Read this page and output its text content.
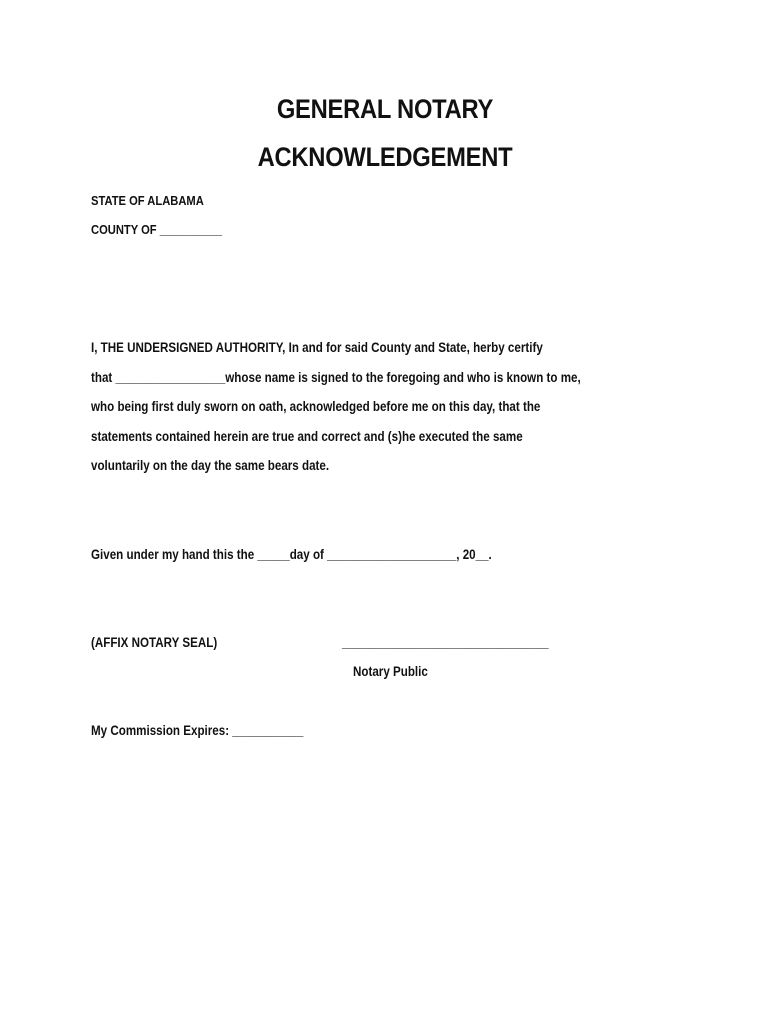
GENERAL NOTARY
ACKNOWLEDGEMENT
STATE OF ALABAMA
COUNTY OF __________
I, THE UNDERSIGNED AUTHORITY, In and for said County and State, herby certify
that _________________whose name is signed to the foregoing and who is known to me,
who being first duly sworn on oath, acknowledged before me on this day, that the
statements contained herein are true and correct and (s)he executed the same
voluntarily on the day the same bears date.
Given under my hand this the _____day of ____________________, 20__.
(AFFIX NOTARY SEAL)	________________________________
Notary Public
My Commission Expires: ___________
